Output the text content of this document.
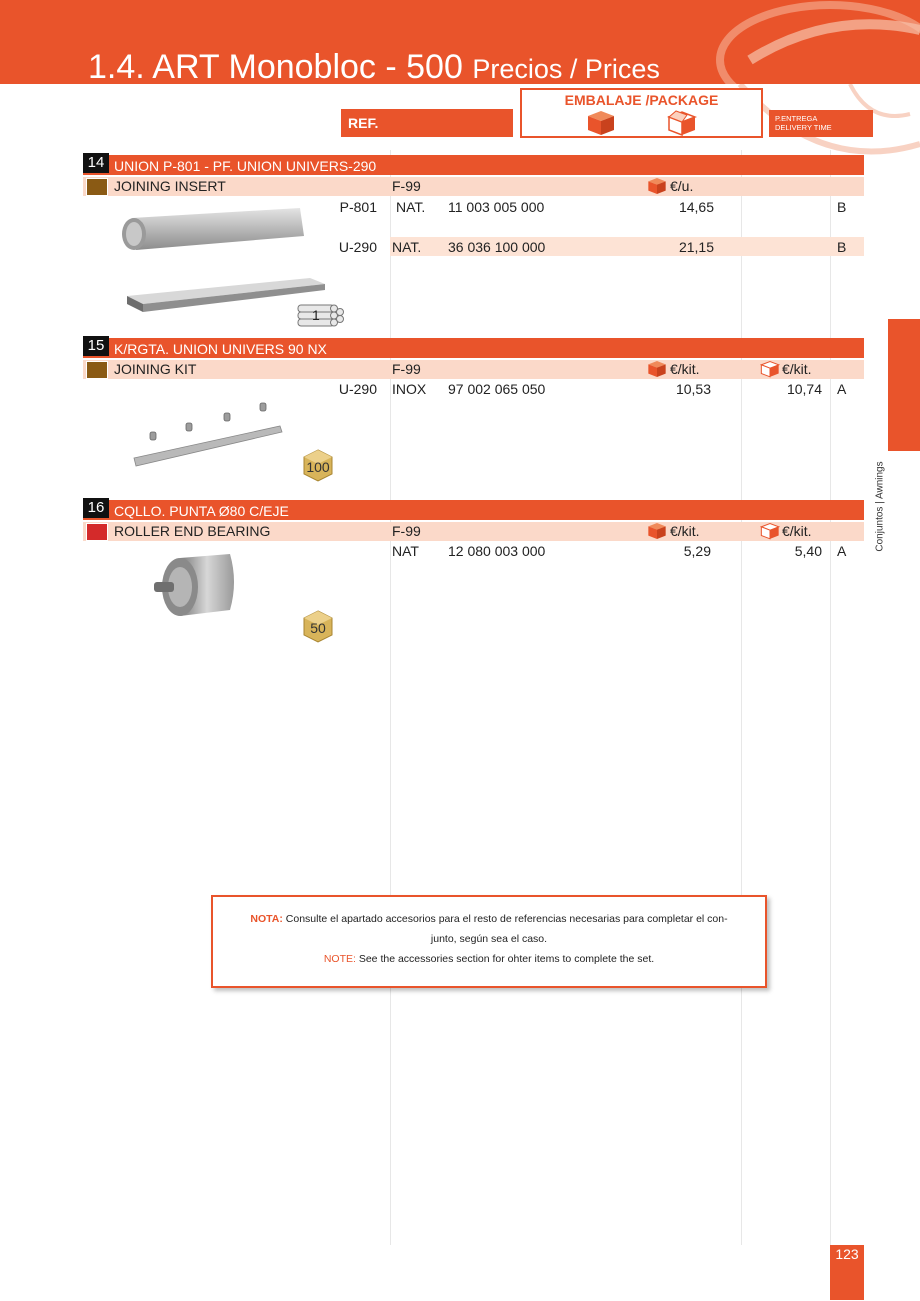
1.4. ART Monobloc - 500 Precios / Prices
REF.
EMBALAJE /PACKAGE
P.ENTREGA
DELIVERY TIME
14 UNION P-801 - PF. UNION UNIVERS-290
JOINING INSERT	F-99	€/u.
P-801 NAT. 11 003 005 000	14,65	B
U-290 NAT. 36 036 100 000	21,15	B
1
15 K/RGTA. UNION UNIVERS 90 NX
JOINING KIT	F-99	€/kit.	€/kit.
U-290 INOX 97 002 065 050	10,53	10,74 A
100
16 CQLLO. PUNTA Ø80 C/EJE
ROLLER END BEARING	F-99	€/kit.	€/kit.
NAT 12 080 003 000	5,29	5,40 A
50
NOTA: Consulte el apartado accesorios para el resto de referencias necesarias para completar el con-
junto, según sea el caso.
NOTE: See the accessories section for ohter items to complete the set.
Conjuntos | Awnings
123
